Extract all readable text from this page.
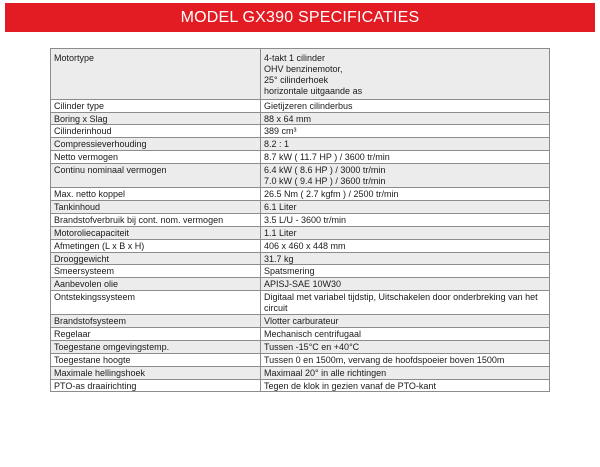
MODEL GX390 SPECIFICATIES
Motortype	4-takt 1 cilinder
OHV benzinemotor,
25° cilinderhoek
horizontale uitgaande as

Cilinder type	Gietijzeren cilinderbus

Boring x Slag	88 x 64 mm

Cilinderinhoud	389 cm³

Compressieverhouding	8.2 : 1

Netto vermogen	8.7 kW ( 11.7 HP ) / 3600 tr/min

Continu nominaal vermogen	6.4 kW ( 8.6 HP ) / 3000 tr/min
7.0 kW ( 9.4 HP ) / 3600 tr/min

Max. netto koppel	26.5 Nm ( 2.7 kgfm ) / 2500 tr/min

Tankinhoud	6.1 Liter

Brandstofverbruik bij cont. nom. vermogen	3.5 L/U - 3600 tr/min

Motoroliecapaciteit	1.1 Liter

Afmetingen (L x B x H)	406 x 460 x 448 mm

Drooggewicht	31.7 kg

Smeersysteem	Spatsmering

Aanbevolen olie	APISJ-SAE 10W30

Ontstekingssysteem	Digitaal met variabel tijdstip, Uitschakelen door onderbreking van het circuit

Brandstofsysteem	Vlotter carburateur

Regelaar	Mechanisch centrifugaal

Toegestane omgevingstemp.	Tussen -15°C en +40°C

Toegestane hoogte	Tussen 0 en 1500m, vervang de hoofdspoeier boven 1500m

Maximale hellingshoek	Maximaal 20° in alle richtingen

PTO-as draairichting	Tegen de klok in gezien vanaf de PTO-kant
